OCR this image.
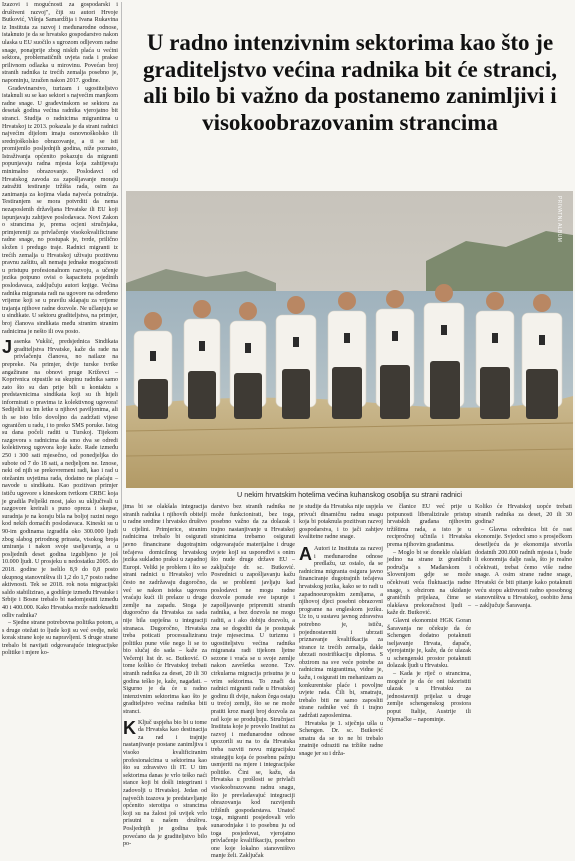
Izazovi i mogućnosti za gospodarski i društveni razvoj", čiji su autori Hrvoje Butković, Višnja Samardžija i Ivana Rukavina iz Instituta za razvoj i međunarodne odnose, istaknuto je da se hrvatsko gospodarstvo nakon ulaska u EU suočilo s ugrozom odljevom radne snage, ponajprije zbog niskih plaća u većini sektora, problematičnih uvjeta rada i prakse prilivnom odlazka u mirovinu. Povećan broj stranih radnika iz trećih zemalja posebno je, napominju, izražen nakon 2017. godine.

Građevinarstvo, turizam i ugostiteljstvo istaknuli su se kao sektori s najvećim manjkom radne snage. U građevinskom se sektoru za desetak godina većina radnika vjerojatno bit stranci. Studija o radnicima migrantima u Hrvatskoj iz 2013. pokazala je da strani radnici najvećim dijelom imaju osnovnoškolsko ili srednjoškolsko obrazovanje, a ti se isti promijenilo posljednjih godina, niže poznato, Istraživanja općenito pokazuju da migranti popunjavaju radna mjesta koja zahtijevaju minimalno obrazovanje. Poslodavci od Hrvatskog zavoda za zapošljavanje moraju zatražiti testiranje tržišta rada, osim za zanimanja za kojima vlada najveća potražnja. Testiranjem se mora potvrditi da nema nezaposlenih državljana Hrvatske ili EU koji ispunjavaju zahtjeve poslodavaca. Novi Zakon o strancima je, prema ocjeni stručnjaka, primjereniji za privlačenje visokokvalificirane radne snage, no postupak je, tvrde, prilično složen i predugo traje. Radnici migranti iz trećih zemalja u Hrvatskoj uživaju pozitivnu pravnu zaštitu, ali nemaju jednake mogućnosti u pristupu profesionalnom razvoju, a učenje jezika potpuno ovisi o kapacitetu pojedinih poslodavaca, zaključuju autori knjige. Većina radnika migranata radi na ugovore na određeno vrijeme koji se u pravilu sklapaju za vrijeme trajanja njihove radne dozvole. Ne učlanjuju se u sindikate. U sektoru graditeljstva, na primjer, broj članova sindikata među stranim stranim radnicima je nešto ili ova posto.

Jasenka Vukšić, predsjednica Sindikata graditeljstva Hrvatske, kaže da rade na privlačenju članova, no nailaze na prepreke. Na primjer, dvije turske tvrtke angažirane na obnovi pruge Križevci – Koprivnica otpustile su skupinu radnika samo zato što su dan prije bili u kontaktu s predstavnicima sindikata koji su ih htjeli informirati o pravima iz kolektivnog ugovora! Sedijelili su im letke u njihovi paviljonima, ali ih se isto bilo dovoljno da zadržati vijese ograničen u radu, i to preko SMS poruke. Istog su dana počeli raditi u Turskoj. Tijekom razgovora s radnicima da smo dva se odredi kolektivnog ugovora koje kaže. Rade između 250 i 300 sati mjesečno, od ponedjeljka do subote od 7 do 18 sati, a nedjeljom ne. Iznose, neki od njih se prekovremeni radi, kao i rad u otežanim uvjetima rada, dodatno ne plaćaju – navode u sindikatu. Kao pozitivan primjer ističu ugovore s kineskom tvrtkom CRBC koja je gradila Pelješki most, jako su uključivali u razgovore kreirali s puno opreza i skepse, suradnja je na koraju bila na boljoj razini nego kod nekih domaćih poslodavaca. Kineski su u 90-im godinama izgradila oko 300.000 ljudi zbog slabog prirodnog prirasta, visokog broja umiranja i nakon svoje useljavanja, a u posljednih deset godina izgubljeno je još 10.000 ljudi. U prosjeku u nedostatku 2005. do 2018. godine je iselilo 8,9 do 0,8 posto ukupnog stanovništva ili 1,2 do 1,7 posto radne aktivnosti. Tek se 2018. rok nota migracijski saldo stabilizirao, a godišnje između Hrvatske i Srbije i Bosne trebalo bi nadomjestiti između 40 i 400.000. Kako Hrvatska može nadoknaditi odliv radnika?

– Sjedne strane potrebovna politika potom, a s druge otežati to ljude koji su već ovdje, neki korak strane koje su napravljeni. S druge strane trebalo bi navijati odgovarajuće integracijske politike i mjere ko-

U radno intenzivnim sektorima kao što je graditeljstvo većina radnika bit će stranci, ali bilo bi važno da postanemo zanimljivi i visokoobrazovanim strancima
PRIVATNI ALBUM
U nekim hrvatskim hotelima većina kuhanskog osoblja su strani radnici

jima bi se olakšala integracija stranih radnika i njihovih obitelji u radne sredine i hrvatsko društvo u cijelini. Primjerice, stranim radnicima trebalo bi osigurati javno financirane dugotrajnim tečajeva domicilnog hrvatskog jezika sukladno praksi u zapadnoj Europi. Veliki je problem i što se strani radnici u Hrvatskoj vrlo često ne zadržavaju dugoročno, već se nakon isteka ugovora vraćaju kući ili prelaze u druge zemlje na zapadu. Stoga je dugoročno da Hrvatska za sada nije bila uspješna u integraciji stranaca. Dugoročno, Hrvatska treba poticati procesualiziranu politiku pune više nego li se to bio slučaj do sada – kaže za Večernji list dr. sc. Butković. O tome koliko će Hrvatskoj trebati stranih radnika za deset, 20 ili 30 godina teško je, kaže, nagađati. – Sigurno je da će u radno intenzivnim sektorima kao što je graditeljstvo većina radnika biti stranci.

K Ključ uspjeha bio bi u tome da Hrvatska kao destinacija za rad i trajnije nastanjivanje postane zanimljiva i visoko kvalificiranim profesionalcima u sektorima kao što su zdravstvo ili IT. U tim sektorima danas je vrlo teško naći stance koji bi došli integrirani i zadovolji u Hrvatskoj. Jedan od najvećih izazova je predstavljanje općenito sterotipa o strancima koji su na žalost još uvijek vrlo prisutni u našem društvu. Posljednjih je godina ipak povećano da je graditeljstvo bilo po-

darstvo bez stranih radnika ne može funkcionirati, bez toga, posebno važno da za dolazak i trajno nastanjivanje u Hrvatskoj stranicima trebamo osigurati odgovarajuće materijalne i druge uvjete kojI su uspoređivi s onim što nude druge države EU – zaključuje dr. sc. Butković. Posrednici u zapošljavanju kažu da se problemi javljaju kad poslodavci ne mogu radne dozvole ponude sve ispunje i zapošljavanje pripremiti stranih radnika, a bez dozvola ne mogu raditi, a i ako dobiju dozvolu, a zna se dogoditi da je postupak traje mjesecima. U turizmu i ugostiteljstvu većina radnika migranata radi tijekom ljetne sezone i vraća se u svoje zemlje nakon završetka sezone. Tzv. cirkularna migracija prisutna je u vrim sektorima. To znači da radnici migranti rade u Hrvatskoj godinu ili dvije, nakon čega ostaju u trećoj zemlji, što se ne može pratiti kroz manji broj dozvola za rad koje se produljuju. Stručnjaci Instituta koje je provelo Institut za razvoj i međunarodne odnose upozorili su na to da Hrvatska treba razviti novu migracijsku strategiju koja će posebnu pažnju usmjeriti na mjere i integracijske politike. Čini se, kažu, da Hrvatska u prošlosti se privlači visokoobrazovanu radnu snagu, što je prevladavajuć integraciji obrazovanja kod razvijenih tržišnih gospodarstava. Unatoč toga, migranti posjedovali vrlo sunarodnjake i to posebnu ju od toga posjedovat, vjerojatno privlačenje kvalifikaciju, posebno one koje lokalno stanovništvo manje želi. Zaključak

je studije da Hrvatska nije uspjela privući dinamičnu radnu snagu koja bi potaknula pozitivan razvoj gospodarstva, i to jači zahtjev kvalitetne radne snage.

A Autori iz Instituta za razvoj i međunarodne odnose predlažu, uz ostalo, da se radnicima migranta osigura javno financiranje dugotrajnih tečajeva hrvatskog jezika, kako se to radi u zapadnoeuropskim zemljama, a njihovoj djeci posebni obrazovni programe na engleskom jeziku. Uz to, u sustavu javnog zdravstva potrebno je, ističu, pojednostavniti i ubrzati priznavanje kvalifikacija za strance iz trećih zemalja, dakle ubrzati nostrifikaciju diploma. S obzirom na sve veće potrebe za radnicima migrantima, vidne je, kažu, i osigurati im mehanizam za konkurentske plaće i povoljne uvjete rada. Čili bi, smatraju, trebalo biti ne samo zaposliti strane radnike već ih i trajno zadržati zaposlenima.

Hrvatska je 1. siječnja ušla u Schengen. Dr. sc. Butković smatra da se to ne bi trebalo znatnije odraziti na tržište radne snage jer su i drža-

ve članice EU već prije u potpunosti liberalizirale pristup hrvatskih građana njihovim tržištima rada, a isto je u recipročnoj učinila i Hrvatska prema njihovim građanima.

– Moglo bi se donekle olakšati jedino na strane iz graničnih područja s Mađarskom i Slovenijom gdje se može očekivati veća fluktuacija radne snage, s obzirom na ukidanje graničnih prijelaza, čime se olakšava prekoračnost ljudi – kaže dr. Butković.

Glavni ekonomist HGK Goran Šaravanja ne očekuje da će Schengen dodatno potaknuti iseljavanje Hrvata, dapače, vjerojatnije je, kaže, da će ulazak u schengenski prostor potaknuti dolazak ljudi u Hrvatsku.

– Kada je riječ o strancima, moguće je da će oni iskoristiti ulazak u Hrvatsku za jednostavniji prijelaz u druge zemlje schengenskog prostora poput Italije, Austrije ili Njemačke – napominje.

Koliko će Hrvatskoj uopće trebati stranih radnika za deset, 20 ili 30 godina?

– Glavna odrednica bit će rast ekonomije. Svjedoci smo s prosječkom desetljeću da je ekonomija stvorila dodatnih 200.000 radnih mjesta i, bude li ekonomija dalje rasla, što je realno očekivati, trebat ćemo više radne snage. A osim strane radne snage, Hrvatski će biti pitanje kako potaknuti veću stopu aktivnosti radno sposobnog stanovništva u Hrvatskoj, osobito žena – zaključuje Šaravanja.
